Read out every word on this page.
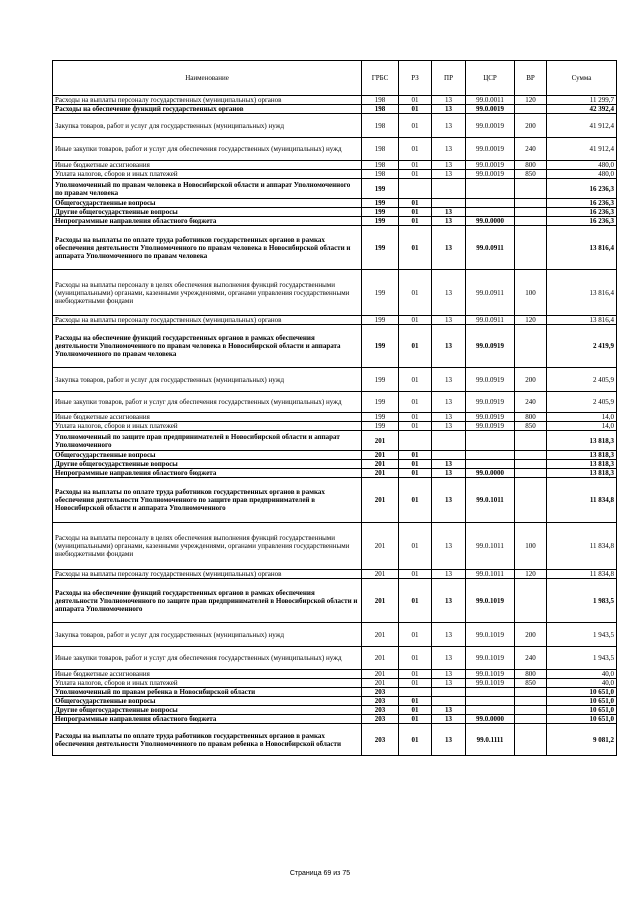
Наименование	ГРБС	РЗ	ПР	ЦСР	ВР	Сумма
Расходы на выплаты персоналу государственных (муниципальных) органов	198	01	13	99.0.0011	120	11 299,7
Расходы на обеспечение функций государственных органов	198	01	13	99.0.0019		42 392,4
Закупка товаров, работ и услуг для государственных (муниципальных) нужд	198	01	13	99.0.0019	200	41 912,4
Иные закупки товаров, работ и услуг для обеспечения государственных (муниципальных) нужд	198	01	13	99.0.0019	240	41 912,4
Иные бюджетные ассигнования	198	01	13	99.0.0019	800	480,0
Уплата налогов, сборов и иных платежей	198	01	13	99.0.0019	850	480,0
Уполномоченный по правам человека в Новосибирской области и аппарат Уполномоченного по правам человека	199					16 236,3
Общегосударственные вопросы	199	01				16 236,3
Другие общегосударственные вопросы	199	01	13			16 236,3
Непрограммные направления областного бюджета	199	01	13	99.0.0000		16 236,3
Расходы на выплаты по оплате труда работников государственных органов в рамках обеспечения деятельности Уполномоченного по правам человека в Новосибирской области и аппарата Уполномоченного по правам человека	199	01	13	99.0.0911		13 816,4
Расходы на выплаты персоналу в целях обеспечения выполнения функций государственными (муниципальными) органами, казенными учреждениями, органами управления государственными внебюджетными фондами	199	01	13	99.0.0911	100	13 816,4
Расходы на выплаты персоналу государственных (муниципальных) органов	199	01	13	99.0.0911	120	13 816,4
Расходы на обеспечение функций государственных органов в рамках обеспечения деятельности Уполномоченного по правам человека в Новосибирской области и аппарата Уполномоченного по правам человека	199	01	13	99.0.0919		2 419,9
Закупка товаров, работ и услуг для государственных (муниципальных) нужд	199	01	13	99.0.0919	200	2 405,9
Иные закупки товаров, работ и услуг для обеспечения государственных (муниципальных) нужд	199	01	13	99.0.0919	240	2 405,9
Иные бюджетные ассигнования	199	01	13	99.0.0919	800	14,0
Уплата налогов, сборов и иных платежей	199	01	13	99.0.0919	850	14,0
Уполномоченный по защите прав предпринимателей в Новосибирской области и аппарат Уполномоченного	201					13 818,3
Общегосударственные вопросы	201	01				13 818,3
Другие общегосударственные вопросы	201	01	13			13 818,3
Непрограммные направления областного бюджета	201	01	13	99.0.0000		13 818,3
Расходы на выплаты по оплате труда работников государственных органов в рамках обеспечения деятельности Уполномоченного по защите прав предпринимателей в Новосибирской области и аппарата Уполномоченного	201	01	13	99.0.1011		11 834,8
Расходы на выплаты персоналу в целях обеспечения выполнения функций государственными (муниципальными) органами, казенными учреждениями, органами управления государственными внебюджетными фондами	201	01	13	99.0.1011	100	11 834,8
Расходы на выплаты персоналу государственных (муниципальных) органов	201	01	13	99.0.1011	120	11 834,8
Расходы на обеспечение функций государственных органов в рамках обеспечения деятельности Уполномоченного по защите прав предпринимателей в Новосибирской области и аппарата Уполномоченного	201	01	13	99.0.1019		1 983,5
Закупка товаров, работ и услуг для государственных (муниципальных) нужд	201	01	13	99.0.1019	200	1 943,5
Иные закупки товаров, работ и услуг для обеспечения государственных (муниципальных) нужд	201	01	13	99.0.1019	240	1 943,5
Иные бюджетные ассигнования	201	01	13	99.0.1019	800	40,0
Уплата налогов, сборов и иных платежей	201	01	13	99.0.1019	850	40,0
Уполномоченный по правам ребенка в Новосибирской области	203					10 651,0
Общегосударственные вопросы	203	01				10 651,0
Другие общегосударственные вопросы	203	01	13			10 651,0
Непрограммные направления областного бюджета	203	01	13	99.0.0000		10 651,0
Расходы на выплаты по оплате труда работников государственных органов в рамках обеспечения деятельности Уполномоченного по правам ребенка в Новосибирской области	203	01	13	99.0.1111		9 081,2
Страница 69 из 75
